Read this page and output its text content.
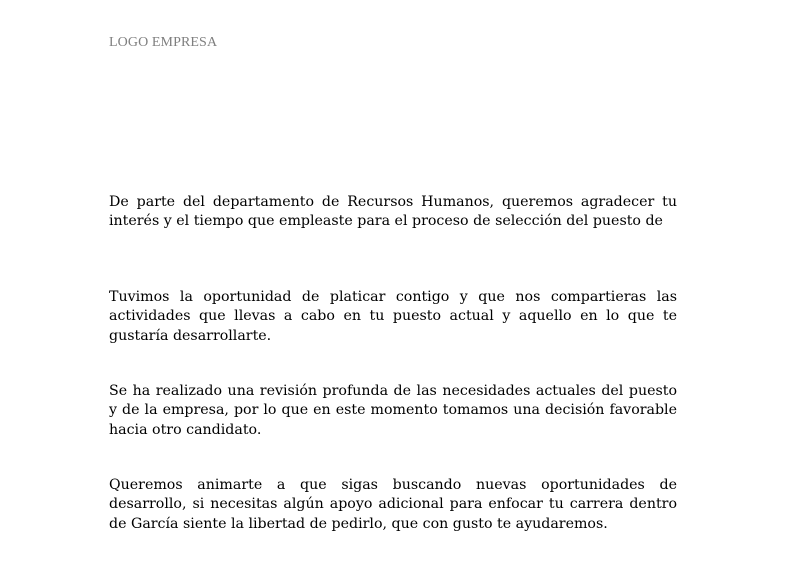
LOGO EMPRESA

De parte del departamento de Recursos Humanos, queremos agradecer tu interés y el tiempo que empleaste para el proceso de selección del puesto de

Tuvimos la oportunidad de platicar contigo y que nos compartieras las actividades que llevas a cabo en tu puesto actual y aquello en lo que te gustaría desarrollarte.

Se ha realizado una revisión profunda de las necesidades actuales del puesto y de la empresa, por lo que en este momento tomamos una decisión favorable hacia otro candidato.

Queremos animarte a que sigas buscando nuevas oportunidades de desarrollo, si necesitas algún apoyo adicional para enfocar tu carrera dentro de García siente la libertad de pedirlo, que con gusto te ayudaremos.
